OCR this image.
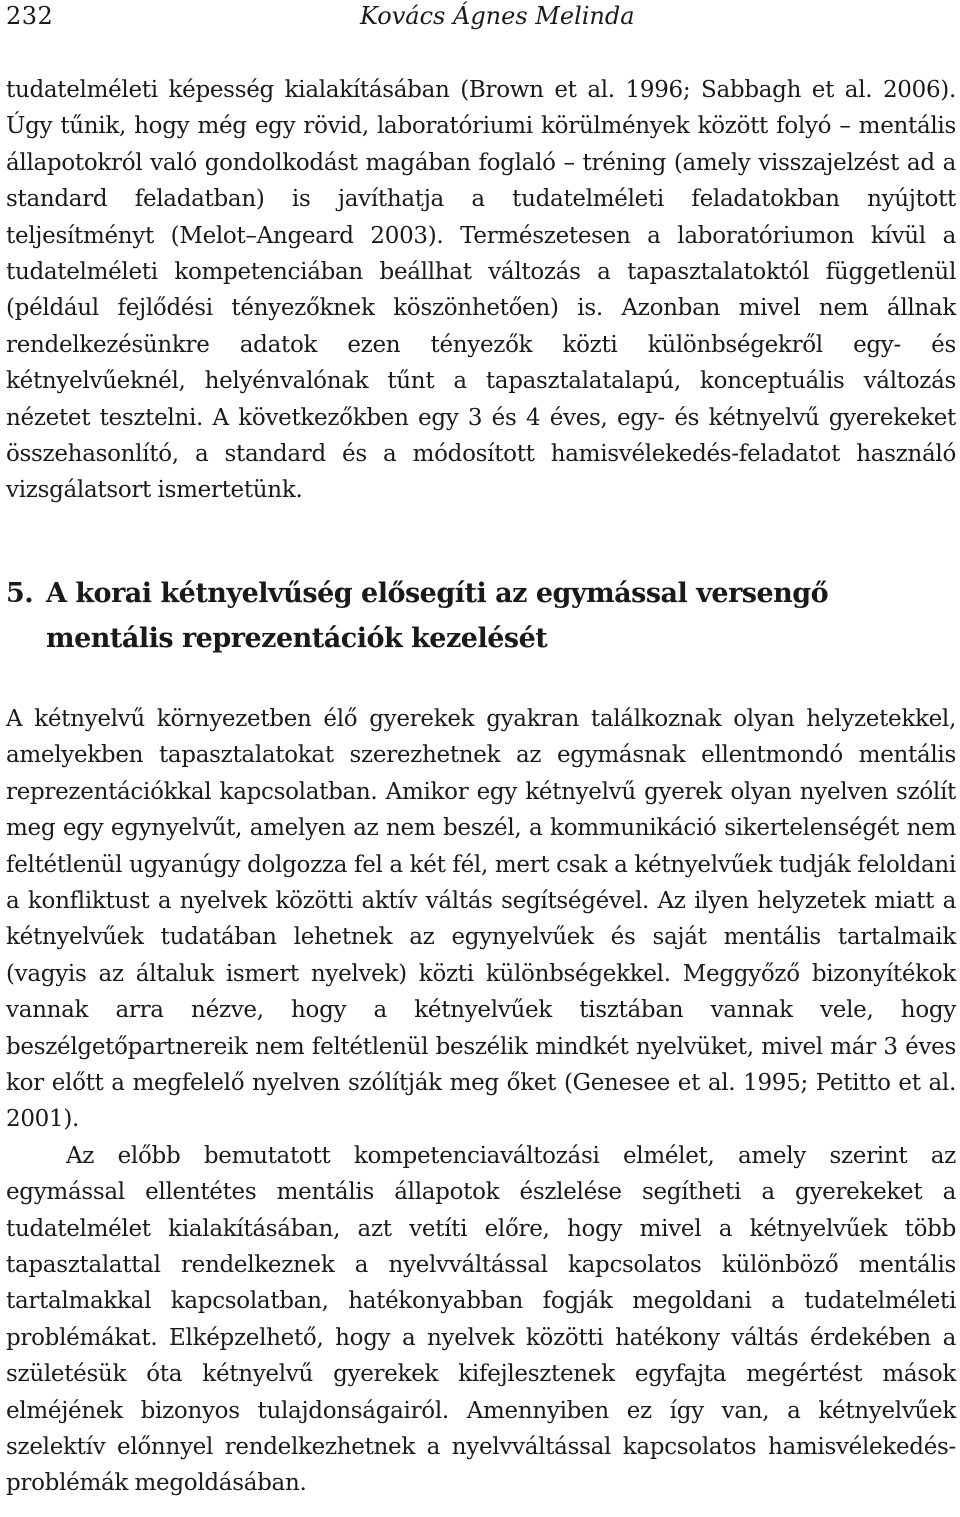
232	Kovács Ágnes Melinda

tudatelméleti képesség kialakításában (Brown et al. 1996; Sabbagh et al. 2006). Úgy tűnik, hogy még egy rövid, laboratóriumi körülmények között folyó – mentális állapotokról való gondolkodást magában foglaló – tréning (amely visszajelzést ad a standard feladatban) is javíthatja a tudatelméleti feladatokban nyújtott teljesítményt (Melot–Angeard 2003). Természetesen a laboratóriumon kívül a tudatelméleti kompetenciában beállhat változás a tapasztalatoktól függetlenül (például fejlődési tényezőknek köszönhetően) is. Azonban mivel nem állnak rendelkezésünkre adatok ezen tényezők közti különbségekről egy- és kétnyelvűeknél, helyénvalónak tűnt a tapasztalatalapú, konceptuális változás nézetet tesztelni. A következőkben egy 3 és 4 éves, egy- és kétnyelvű gyerekeket összehasonlító, a standard és a módosított hamisvélekedés-feladatot használó vizsgálatsort ismertetünk.

5. A korai kétnyelvűség elősegíti az egymással versengő mentális reprezentációk kezelését

A kétnyelvű környezetben élő gyerekek gyakran találkoznak olyan helyzetekkel, amelyekben tapasztalatokat szerezhetnek az egymásnak ellentmondó mentális reprezentációkkal kapcsolatban. Amikor egy kétnyelvű gyerek olyan nyelven szólít meg egy egynyelvűt, amelyen az nem beszél, a kommunikáció sikertelenségét nem feltétlenül ugyanúgy dolgozza fel a két fél, mert csak a kétnyelvűek tudják feloldani a konfliktust a nyelvek közötti aktív váltás segítségével. Az ilyen helyzetek miatt a kétnyelvűek tudatában lehetnek az egynyelvűek és saját mentális tartalmaik (vagyis az általuk ismert nyelvek) közti különbségekkel. Meggyőző bizonyítékok vannak arra nézve, hogy a kétnyelvűek tisztában vannak vele, hogy beszélgetőpartnereik nem feltétlenül beszélik mindkét nyelvüket, mivel már 3 éves kor előtt a megfelelő nyelven szólítják meg őket (Genesee et al. 1995; Petitto et al. 2001).

Az előbb bemutatott kompetenciaváltozási elmélet, amely szerint az egymással ellentétes mentális állapotok észlelése segítheti a gyerekeket a tudatelmélet kialakításában, azt vetíti előre, hogy mivel a kétnyelvűek több tapasztalattal rendelkeznek a nyelvváltással kapcsolatos különböző mentális tartalmakkal kapcsolatban, hatékonyabban fogják megoldani a tudatelméleti problémákat. Elképzelhető, hogy a nyelvek közötti hatékony váltás érdekében a születésük óta kétnyelvű gyerekek kifejlesztenek egyfajta megértést mások elméjének bizonyos tulajdonságairól. Amennyiben ez így van, a kétnyelvűek szelektív előnnyel rendelkezhetnek a nyelvváltással kapcsolatos hamisvélekedés-problémák megoldásában.
